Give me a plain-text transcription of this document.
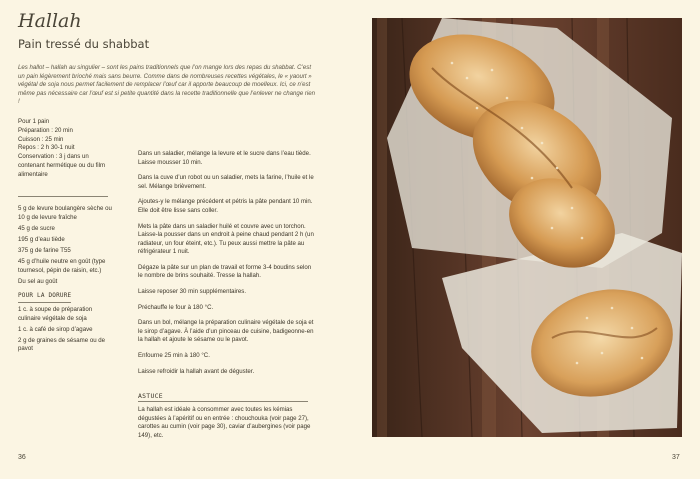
Hallah
Pain tressé du shabbat
Les hallot – hallah au singulier – sont les pains traditionnels que l’on mange lors des repas du shabbat. C’est un pain légèrement brioché mais sans beurre. Comme dans de nombreuses recettes végétales, le « yaourt » végétal de soja nous permet facilement de remplacer l’œuf car il apporte beaucoup de moelleux. Ici, ce n’est même pas nécessaire car l’œuf est si petite quantité dans la recette traditionnelle que l’enlever ne change rien !

Pour 1 pain

Préparation : 20 min

Cuisson : 25 min

Repos : 2 h 30-1 nuit

Conservation : 3 j dans un contenant hermétique ou du film alimentaire

5 g de levure boulangère sèche ou 10 g de levure fraîche

45 g de sucre

195 g d’eau tiède

375 g de farine T55

45 g d’huile neutre en goût (type tournesol, pépin de raisin, etc.)

Du sel au goût

POUR LA DORURE

1 c. à soupe de préparation culinaire végétale de soja

1 c. à café de sirop d’agave

2 g de graines de sésame ou de pavot

Dans un saladier, mélange la levure et le sucre dans l’eau tiède. Laisse mousser 10 min.

Dans la cuve d’un robot ou un saladier, mets la farine, l’huile et le sel. Mélange brièvement.

Ajoutes-y le mélange précédent et pétris la pâte pendant 10 min. Elle doit être lisse sans coller.

Mets la pâte dans un saladier huilé et couvre avec un torchon. Laisse-la pousser dans un endroit à peine chaud pendant 2 h (un radiateur, un four éteint, etc.). Tu peux aussi mettre la pâte au réfrigérateur 1 nuit.

Dégaze la pâte sur un plan de travail et forme 3-4 boudins selon le nombre de brins souhaité. Tresse la hallah.

Laisse reposer 30 min supplémentaires.

Préchauffe le four à 180 °C.

Dans un bol, mélange la préparation culinaire végétale de soja et le sirop d’agave. À l’aide d’un pinceau de cuisine, badigeonne-en la hallah et ajoute le sésame ou le pavot.

Enfourne 25 min à 180 °C.

Laisse refroidir la hallah avant de déguster.

ASTUCE
La hallah est idéale à consommer avec toutes les kémias dégustées à l’apéritif ou en entrée : chouchouka (voir page 27), carottes au cumin (voir page 30), caviar d’aubergines (voir page 149), etc.
36	37
